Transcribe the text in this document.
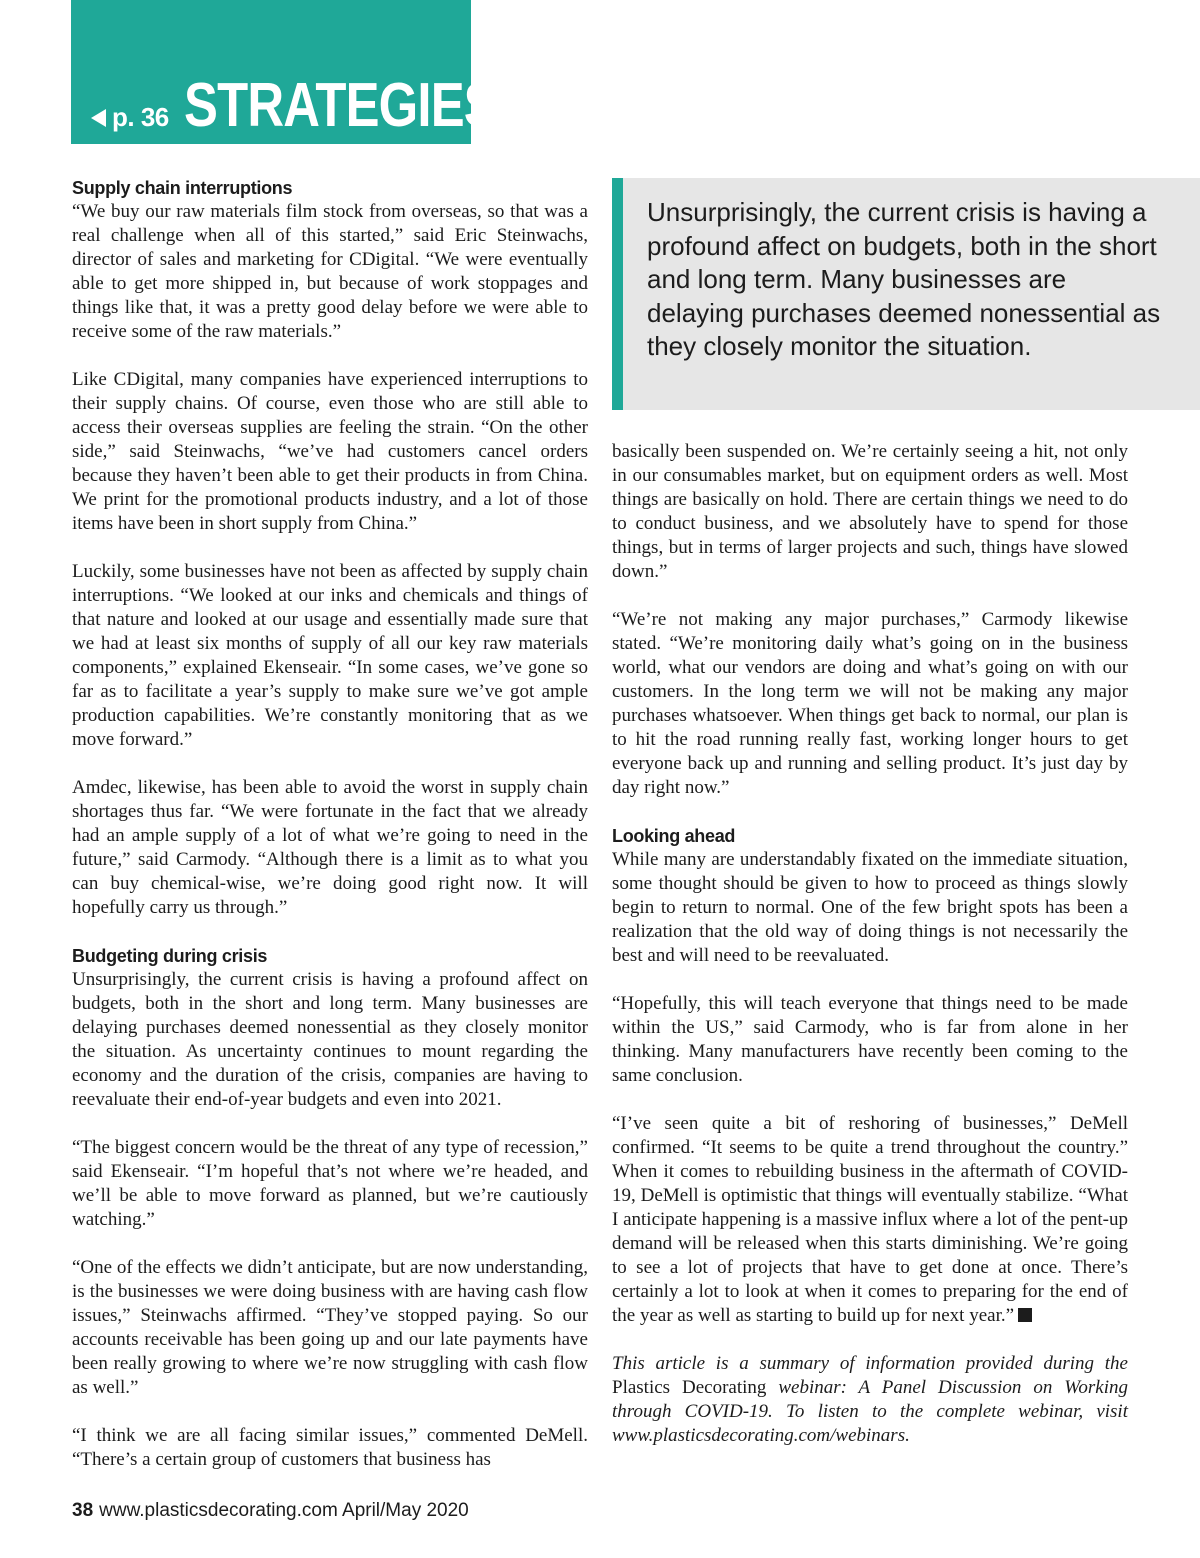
p. 36 STRATEGIES
Supply chain interruptions

“We buy our raw materials film stock from overseas, so that was a real challenge when all of this started,” said Eric Steinwachs, director of sales and marketing for CDigital. “We were eventually able to get more shipped in, but because of work stoppages and things like that, it was a pretty good delay before we were able to receive some of the raw materials.”

Like CDigital, many companies have experienced interruptions to their supply chains. Of course, even those who are still able to access their overseas supplies are feeling the strain. “On the other side,” said Steinwachs, “we’ve had customers cancel orders because they haven’t been able to get their products in from China. We print for the promotional products industry, and a lot of those items have been in short supply from China.”

Luckily, some businesses have not been as affected by supply chain interruptions. “We looked at our inks and chemicals and things of that nature and looked at our usage and essentially made sure that we had at least six months of supply of all our key raw materials components,” explained Ekenseair. “In some cases, we’ve gone so far as to facilitate a year’s supply to make sure we’ve got ample production capabilities. We’re constantly monitoring that as we move forward.”

Amdec, likewise, has been able to avoid the worst in supply chain shortages thus far. “We were fortunate in the fact that we already had an ample supply of a lot of what we’re going to need in the future,” said Carmody. “Although there is a limit as to what you can buy chemical-wise, we’re doing good right now. It will hopefully carry us through.”

Budgeting during crisis

Unsurprisingly, the current crisis is having a profound affect on budgets, both in the short and long term. Many businesses are delaying purchases deemed nonessential as they closely monitor the situation. As uncertainty continues to mount regarding the economy and the duration of the crisis, companies are having to reevaluate their end-of-year budgets and even into 2021.

“The biggest concern would be the threat of any type of recession,” said Ekenseair. “I’m hopeful that’s not where we’re headed, and we’ll be able to move forward as planned, but we’re cautiously watching.”

“One of the effects we didn’t anticipate, but are now understanding, is the businesses we were doing business with are having cash flow issues,” Steinwachs affirmed. “They’ve stopped paying. So our accounts receivable has been going up and our late payments have been really growing to where we’re now struggling with cash flow as well.”

“I think we are all facing similar issues,” commented DeMell. “There’s a certain group of customers that business has

Unsurprisingly, the current crisis is having a profound affect on budgets, both in the short and long term. Many businesses are delaying purchases deemed nonessential as they closely monitor the situation.

basically been suspended on. We’re certainly seeing a hit, not only in our consumables market, but on equipment orders as well. Most things are basically on hold. There are certain things we need to do to conduct business, and we absolutely have to spend for those things, but in terms of larger projects and such, things have slowed down.”

“We’re not making any major purchases,” Carmody likewise stated. “We’re monitoring daily what’s going on in the business world, what our vendors are doing and what’s going on with our customers. In the long term we will not be making any major purchases whatsoever. When things get back to normal, our plan is to hit the road running really fast, working longer hours to get everyone back up and running and selling product. It’s just day by day right now.”

Looking ahead

While many are understandably fixated on the immediate situation, some thought should be given to how to proceed as things slowly begin to return to normal. One of the few bright spots has been a realization that the old way of doing things is not necessarily the best and will need to be reevaluated.

“Hopefully, this will teach everyone that things need to be made within the US,” said Carmody, who is far from alone in her thinking. Many manufacturers have recently been coming to the same conclusion.

“I’ve seen quite a bit of reshoring of businesses,” DeMell confirmed. “It seems to be quite a trend throughout the country.” When it comes to rebuilding business in the aftermath of COVID-19, DeMell is optimistic that things will eventually stabilize. “What I anticipate happening is a massive influx where a lot of the pent-up demand will be released when this starts diminishing. We’re going to see a lot of projects that have to get done at once. There’s certainly a lot to look at when it comes to preparing for the end of the year as well as starting to build up for next year.”

This article is a summary of information provided during the Plastics Decorating webinar: A Panel Discussion on Working through COVID-19. To listen to the complete webinar, visit www.plasticsdecorating.com/webinars.

38 www.plasticsdecorating.com April/May 2020
